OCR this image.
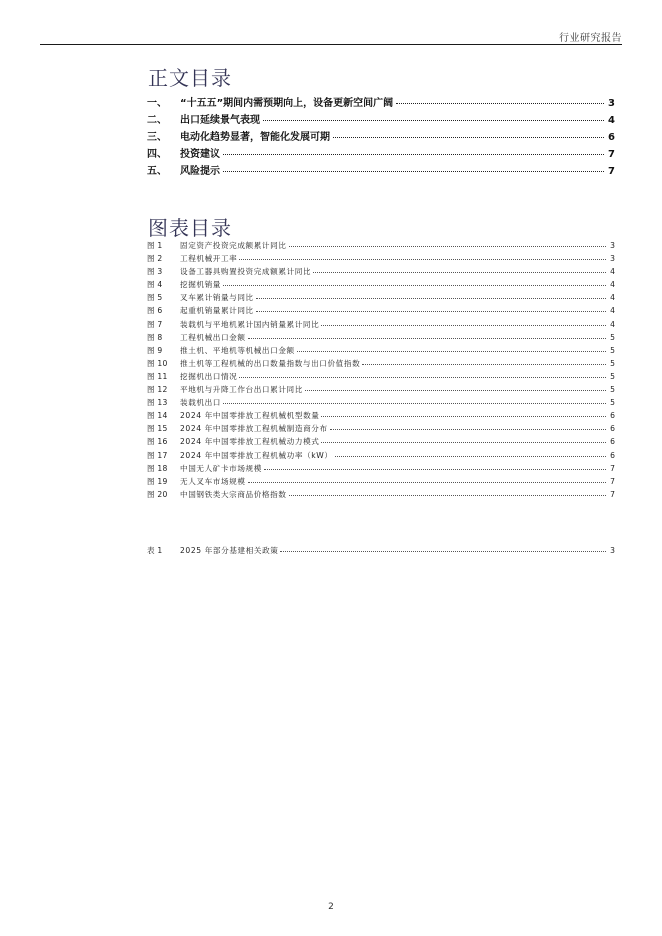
行业研究报告
正文目录
一、	“十五五”期间内需预期向上，设备更新空间广阔	3
二、	出口延续景气表现	4
三、	电动化趋势显著，智能化发展可期	6
四、	投资建议	7
五、	风险提示	7
图表目录
图 1	固定资产投资完成额累计同比	3
图 2	工程机械开工率	3
图 3	设备工器具购置投资完成额累计同比	4
图 4	挖掘机销量	4
图 5	叉车累计销量与同比	4
图 6	起重机销量累计同比	4
图 7	装载机与平地机累计国内销量累计同比	4
图 8	工程机械出口金额	5
图 9	推土机、平地机等机械出口金额	5
图 10	推土机等工程机械的出口数量指数与出口价值指数	5
图 11	挖掘机出口情况	5
图 12	平地机与升降工作台出口累计同比	5
图 13	装载机出口	5
图 14	2024 年中国零排放工程机械机型数量	6
图 15	2024 年中国零排放工程机械制造商分布	6
图 16	2024 年中国零排放工程机械动力模式	6
图 17	2024 年中国零排放工程机械功率（kW）	6
图 18	中国无人矿卡市场规模	7
图 19	无人叉车市场规模	7
图 20	中国钢铁类大宗商品价格指数	7
表 1	2025 年部分基建相关政策	3
2
